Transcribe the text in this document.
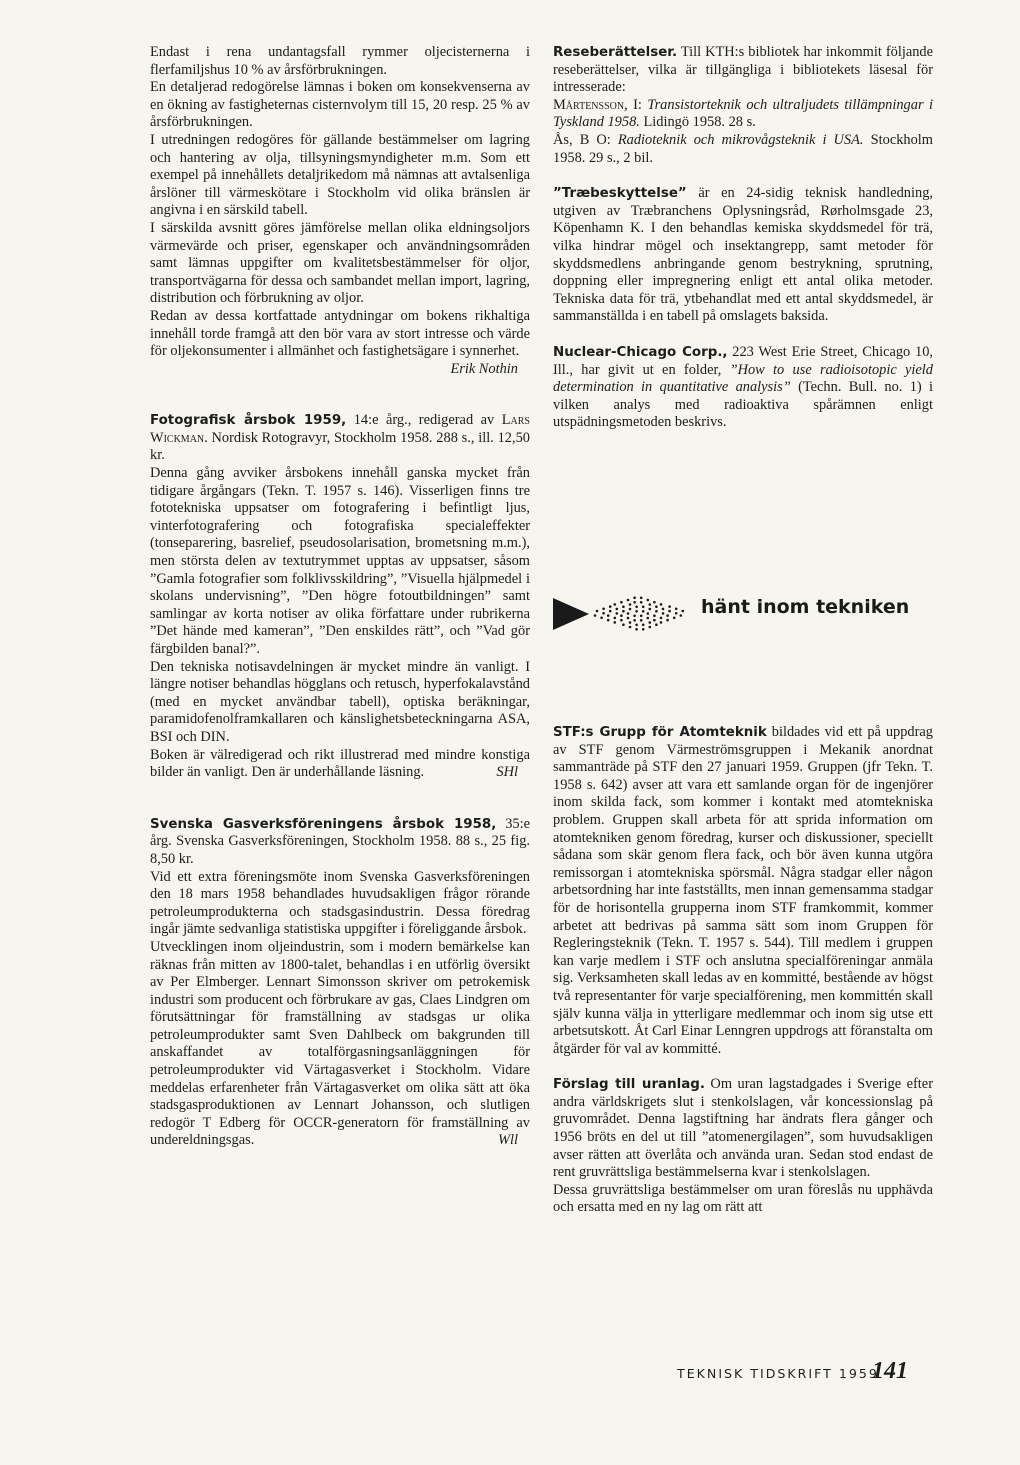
Endast i rena undantagsfall rymmer oljecisternerna i flerfamiljshus 10 % av årsförbrukningen.

En detaljerad redogörelse lämnas i boken om konsekvenserna av en ökning av fastigheternas cisternvolym till 15, 20 resp. 25 % av årsförbrukningen.

I utredningen redogöres för gällande bestämmelser om lagring och hantering av olja, tillsyningsmyndigheter m.m. Som ett exempel på innehållets detaljrikedom må nämnas att avtalsenliga årslöner till värmeskötare i Stockholm vid olika bränslen är angivna i en särskild tabell.

I särskilda avsnitt göres jämförelse mellan olika eldningsoljors värmevärde och priser, egenskaper och användningsområden samt lämnas uppgifter om kvalitetsbestämmelser för oljor, transportvägarna för dessa och sambandet mellan import, lagring, distribution och förbrukning av oljor.

Redan av dessa kortfattade antydningar om bokens rikhaltiga innehåll torde framgå att den bör vara av stort intresse och värde för oljekonsumenter i allmänhet och fastighetsägare i synnerhet.

Erik Nothin

Fotografisk årsbok 1959, 14:e årg., redigerad av Lars Wickman. Nordisk Rotogravyr, Stockholm 1958. 288 s., ill. 12,50 kr.

Denna gång avviker årsbokens innehåll ganska mycket från tidigare årgångars (Tekn. T. 1957 s. 146). Visserligen finns tre fototekniska uppsatser om fotografering i befintligt ljus, vinterfotografering och fotografiska specialeffekter (tonseparering, basrelief, pseudosolarisation, brometsning m.m.), men största delen av textutrymmet upptas av uppsatser, såsom ”Gamla fotografier som folklivsskildring”, ”Visuella hjälpmedel i skolans undervisning”, ”Den högre fotoutbildningen” samt samlingar av korta notiser av olika författare under rubrikerna ”Det hände med kameran”, ”Den enskildes rätt”, och ”Vad gör färgbilden banal?”.

Den tekniska notisavdelningen är mycket mindre än vanligt. I längre notiser behandlas högglans och retusch, hyperfokalavstånd (med en mycket användbar tabell), optiska beräkningar, paramidofenolframkallaren och känslighetsbeteckningarna ASA, BSI och DIN.

Boken är välredigerad och rikt illustrerad med mindre konstiga bilder än vanligt. Den är underhållande läsning.	SHl

Svenska Gasverksföreningens årsbok 1958, 35:e årg. Svenska Gasverksföreningen, Stockholm 1958. 88 s., 25 fig. 8,50 kr.

Vid ett extra föreningsmöte inom Svenska Gasverksföreningen den 18 mars 1958 behandlades huvudsakligen frågor rörande petroleumprodukterna och stadsgasindustrin. Dessa föredrag ingår jämte sedvanliga statistiska uppgifter i föreliggande årsbok.

Utvecklingen inom oljeindustrin, som i modern bemärkelse kan räknas från mitten av 1800-talet, behandlas i en utförlig översikt av Per Elmberger. Lennart Simonsson skriver om petrokemisk industri som producent och förbrukare av gas, Claes Lindgren om förutsättningar för framställning av stadsgas ur olika petroleumprodukter samt Sven Dahlbeck om bakgrunden till anskaffandet av totalförgasningsanläggningen för petroleumprodukter vid Värtagasverket i Stockholm. Vidare meddelas erfarenheter från Värtagasverket om olika sätt att öka stadsgasproduktionen av Lennart Johansson, och slutligen redogör T Edberg för OCCR-generatorn för framställning av undereldningsgas.	Wll

Reseberättelser. Till KTH:s bibliotek har inkommit följande reseberättelser, vilka är tillgängliga i bibliotekets läsesal för intresserade:

Mårtensson, I: Transistorteknik och ultraljudets tillämpningar i Tyskland 1958. Lidingö 1958. 28 s.

Ås, B O: Radioteknik och mikrovågsteknik i USA. Stockholm 1958. 29 s., 2 bil.

”Træbeskyttelse” är en 24-sidig teknisk handledning, utgiven av Træbranchens Oplysningsråd, Rørholmsgade 23, Köpenhamn K. I den behandlas kemiska skyddsmedel för trä, vilka hindrar mögel och insektangrepp, samt metoder för skyddsmedlens anbringande genom bestrykning, sprutning, doppning eller impregnering enligt ett antal olika metoder. Tekniska data för trä, ytbehandlat med ett antal skyddsmedel, är sammanställda i en tabell på omslagets baksida.

Nuclear-Chicago Corp., 223 West Erie Street, Chicago 10, Ill., har givit ut en folder, ”How to use radioisotopic yield determination in quantitative analysis” (Techn. Bull. no. 1) i vilken analys med radioaktiva spårämnen enligt utspädningsmetoden beskrivs.

hänt inom tekniken

STF:s Grupp för Atomteknik bildades vid ett på uppdrag av STF genom Värmeströmsgruppen i Mekanik anordnat sammanträde på STF den 27 januari 1959. Gruppen (jfr Tekn. T. 1958 s. 642) avser att vara ett samlande organ för de ingenjörer inom skilda fack, som kommer i kontakt med atomtekniska problem. Gruppen skall arbeta för att sprida information om atomtekniken genom föredrag, kurser och diskussioner, speciellt sådana som skär genom flera fack, och bör även kunna utgöra remissorgan i atomtekniska spörsmål. Några stadgar eller någon arbetsordning har inte fastställts, men innan gemensamma stadgar för de horisontella grupperna inom STF framkommit, kommer arbetet att bedrivas på samma sätt som inom Gruppen för Regleringsteknik (Tekn. T. 1957 s. 544). Till medlem i gruppen kan varje medlem i STF och anslutna specialföreningar anmäla sig. Verksamheten skall ledas av en kommitté, bestående av högst två representanter för varje specialförening, men kommittén skall själv kunna välja in ytterligare medlemmar och inom sig utse ett arbetsutskott. Åt Carl Einar Lenngren uppdrogs att föranstalta om åtgärder för val av kommitté.

Förslag till uranlag. Om uran lagstadgades i Sverige efter andra världskrigets slut i stenkolslagen, vår koncessionslag på gruvområdet. Denna lagstiftning har ändrats flera gånger och 1956 bröts en del ut till ”atomenergilagen”, som huvudsakligen avser rätten att överlåta och använda uran. Sedan stod endast de rent gruvrättsliga bestämmelserna kvar i stenkolslagen.

Dessa gruvrättsliga bestämmelser om uran föreslås nu upphävda och ersatta med en ny lag om rätt att

TEKNISK TIDSKRIFT 1959
141
